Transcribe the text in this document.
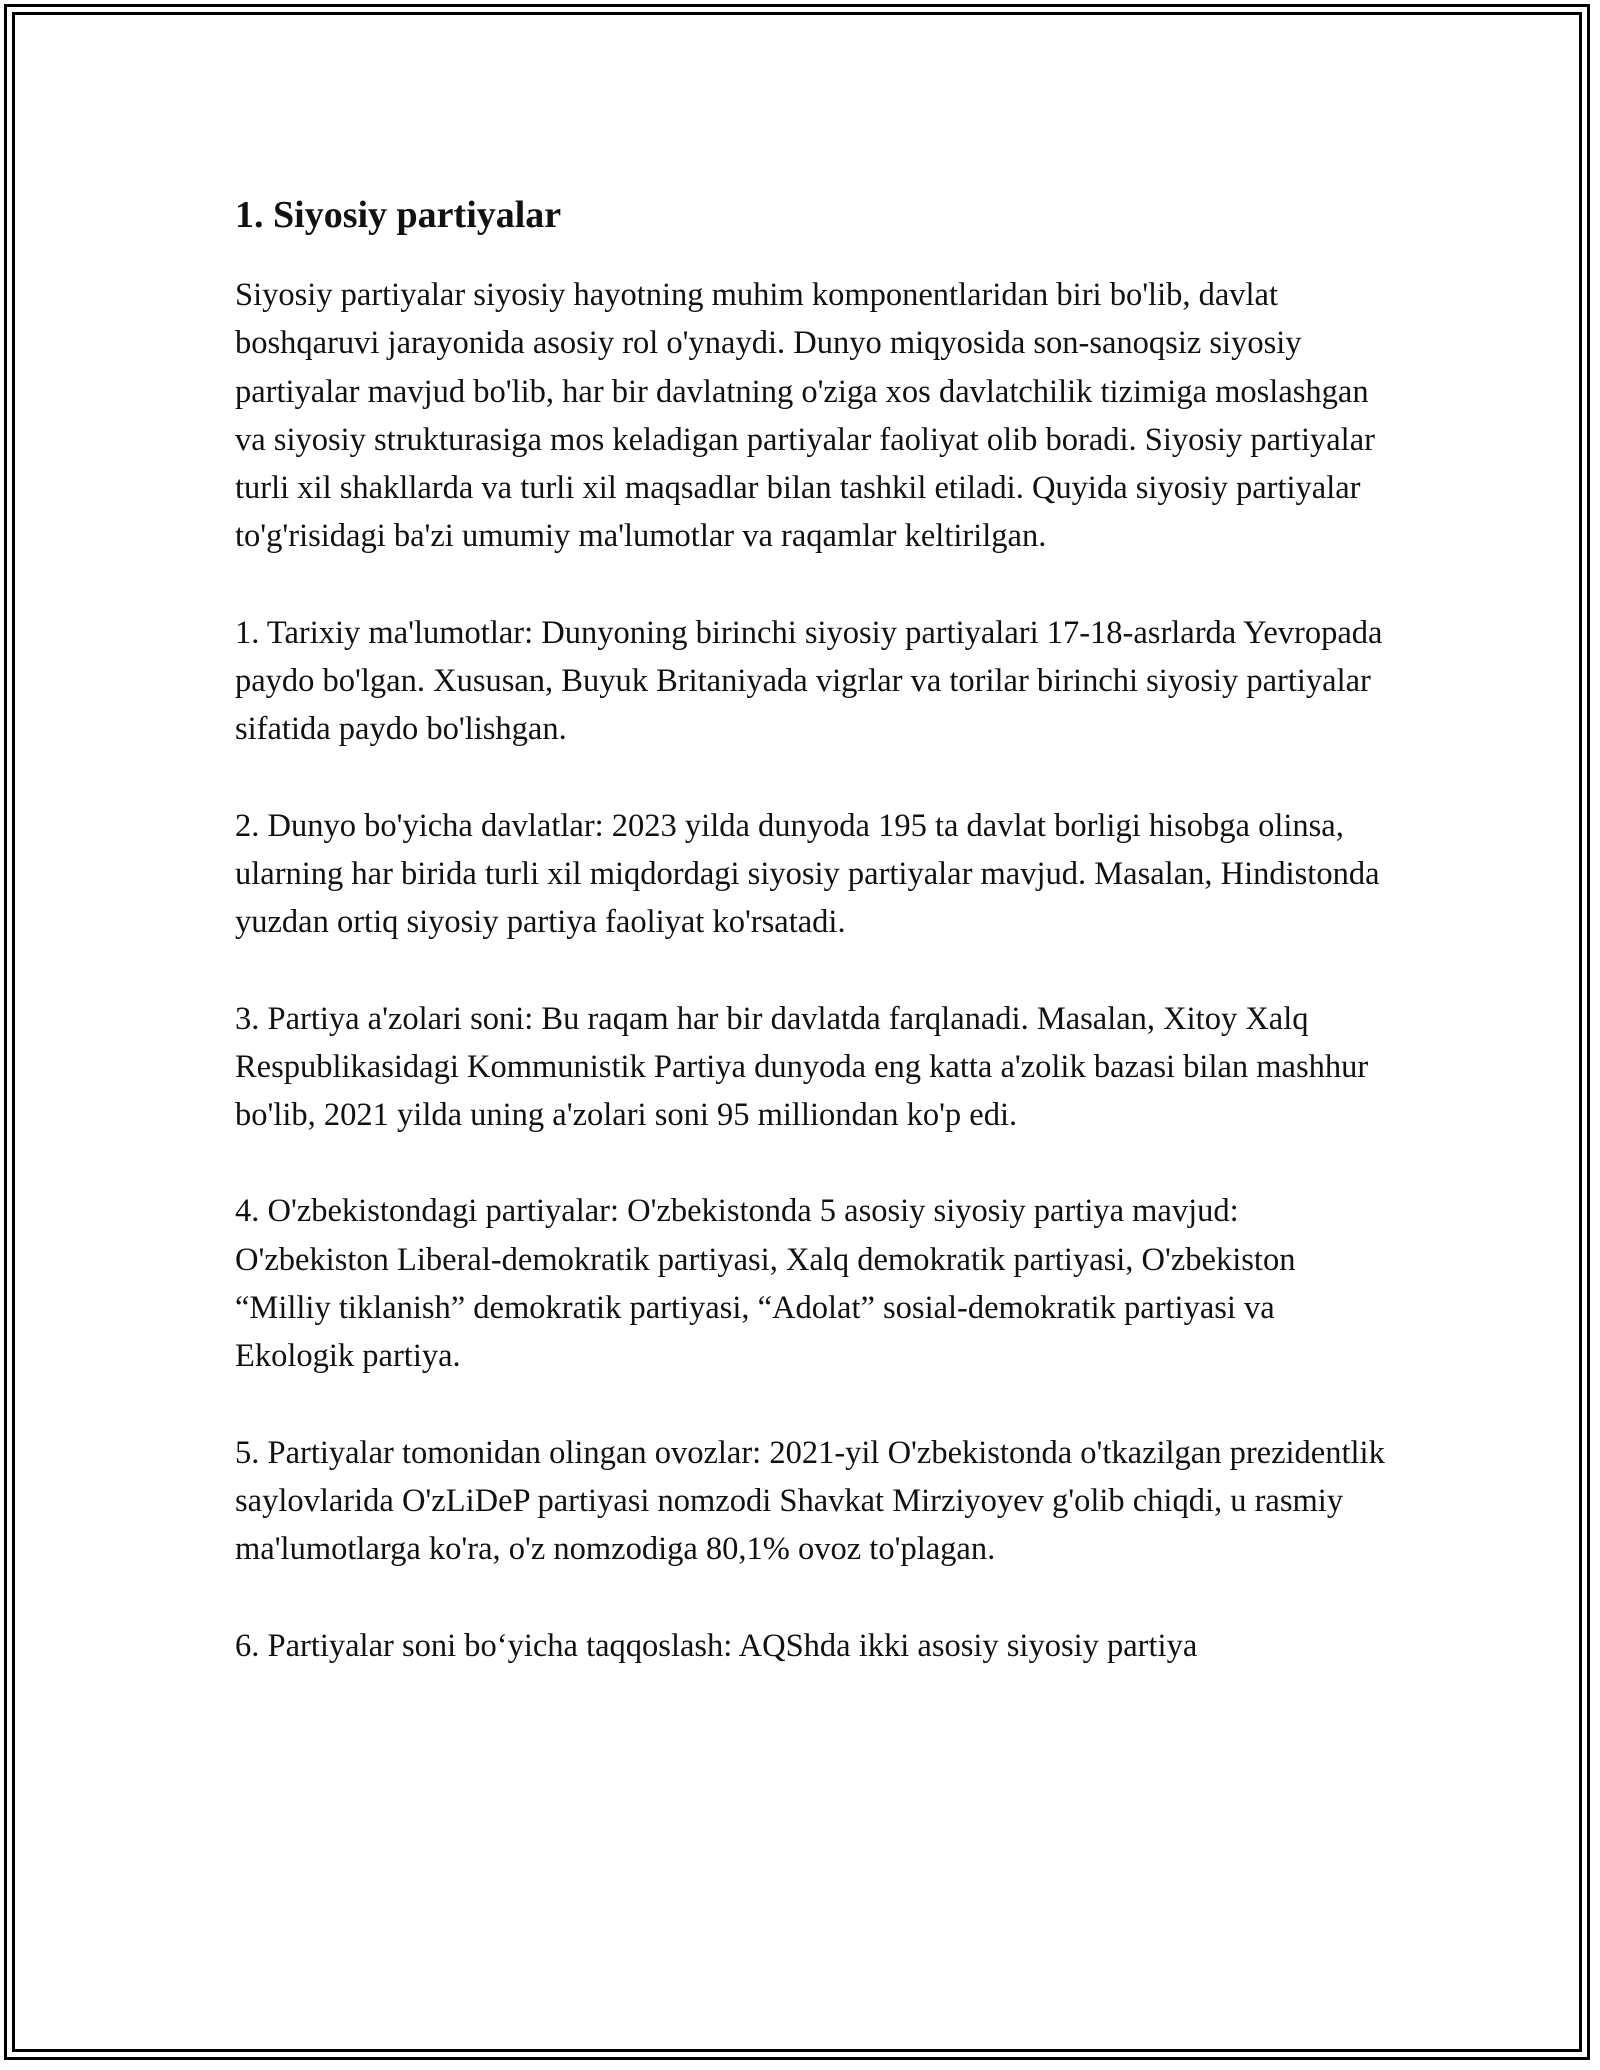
1. Siyosiy partiyalar

Siyosiy partiyalar siyosiy hayotning muhim komponentlaridan biri bo'lib, davlat boshqaruvi jarayonida asosiy rol o'ynaydi. Dunyo miqyosida son-sanoqsiz siyosiy partiyalar mavjud bo'lib, har bir davlatning o'ziga xos davlatchilik tizimiga moslashgan va siyosiy strukturasiga mos keladigan partiyalar faoliyat olib boradi. Siyosiy partiyalar turli xil shakllarda va turli xil maqsadlar bilan tashkil etiladi. Quyida siyosiy partiyalar to'g'risidagi ba'zi umumiy ma'lumotlar va raqamlar keltirilgan.

1. Tarixiy ma'lumotlar: Dunyoning birinchi siyosiy partiyalari 17-18-asrlarda Yevropada paydo bo'lgan. Xususan, Buyuk Britaniyada vigrlar va torilar birinchi siyosiy partiyalar sifatida paydo bo'lishgan.

2. Dunyo bo'yicha davlatlar: 2023 yilda dunyoda 195 ta davlat borligi hisobga olinsa, ularning har birida turli xil miqdordagi siyosiy partiyalar mavjud. Masalan, Hindistonda yuzdan ortiq siyosiy partiya faoliyat ko'rsatadi.

3. Partiya a'zolari soni: Bu raqam har bir davlatda farqlanadi. Masalan, Xitoy Xalq Respublikasidagi Kommunistik Partiya dunyoda eng katta a'zolik bazasi bilan mashhur bo'lib, 2021 yilda uning a'zolari soni 95 milliondan ko'p edi.

4. O'zbekistondagi partiyalar: O'zbekistonda 5 asosiy siyosiy partiya mavjud: O'zbekiston Liberal-demokratik partiyasi, Xalq demokratik partiyasi, O'zbekiston “Milliy tiklanish” demokratik partiyasi, “Adolat” sosial-demokratik partiyasi va Ekologik partiya.

5. Partiyalar tomonidan olingan ovozlar: 2021-yil O'zbekistonda o'tkazilgan prezidentlik saylovlarida O'zLiDeP partiyasi nomzodi Shavkat Mirziyoyev g'olib chiqdi, u rasmiy ma'lumotlarga ko'ra, o'z nomzodiga 80,1% ovoz to'plagan.

6. Partiyalar soni bo‘yicha taqqoslash: AQShda ikki asosiy siyosiy partiya
